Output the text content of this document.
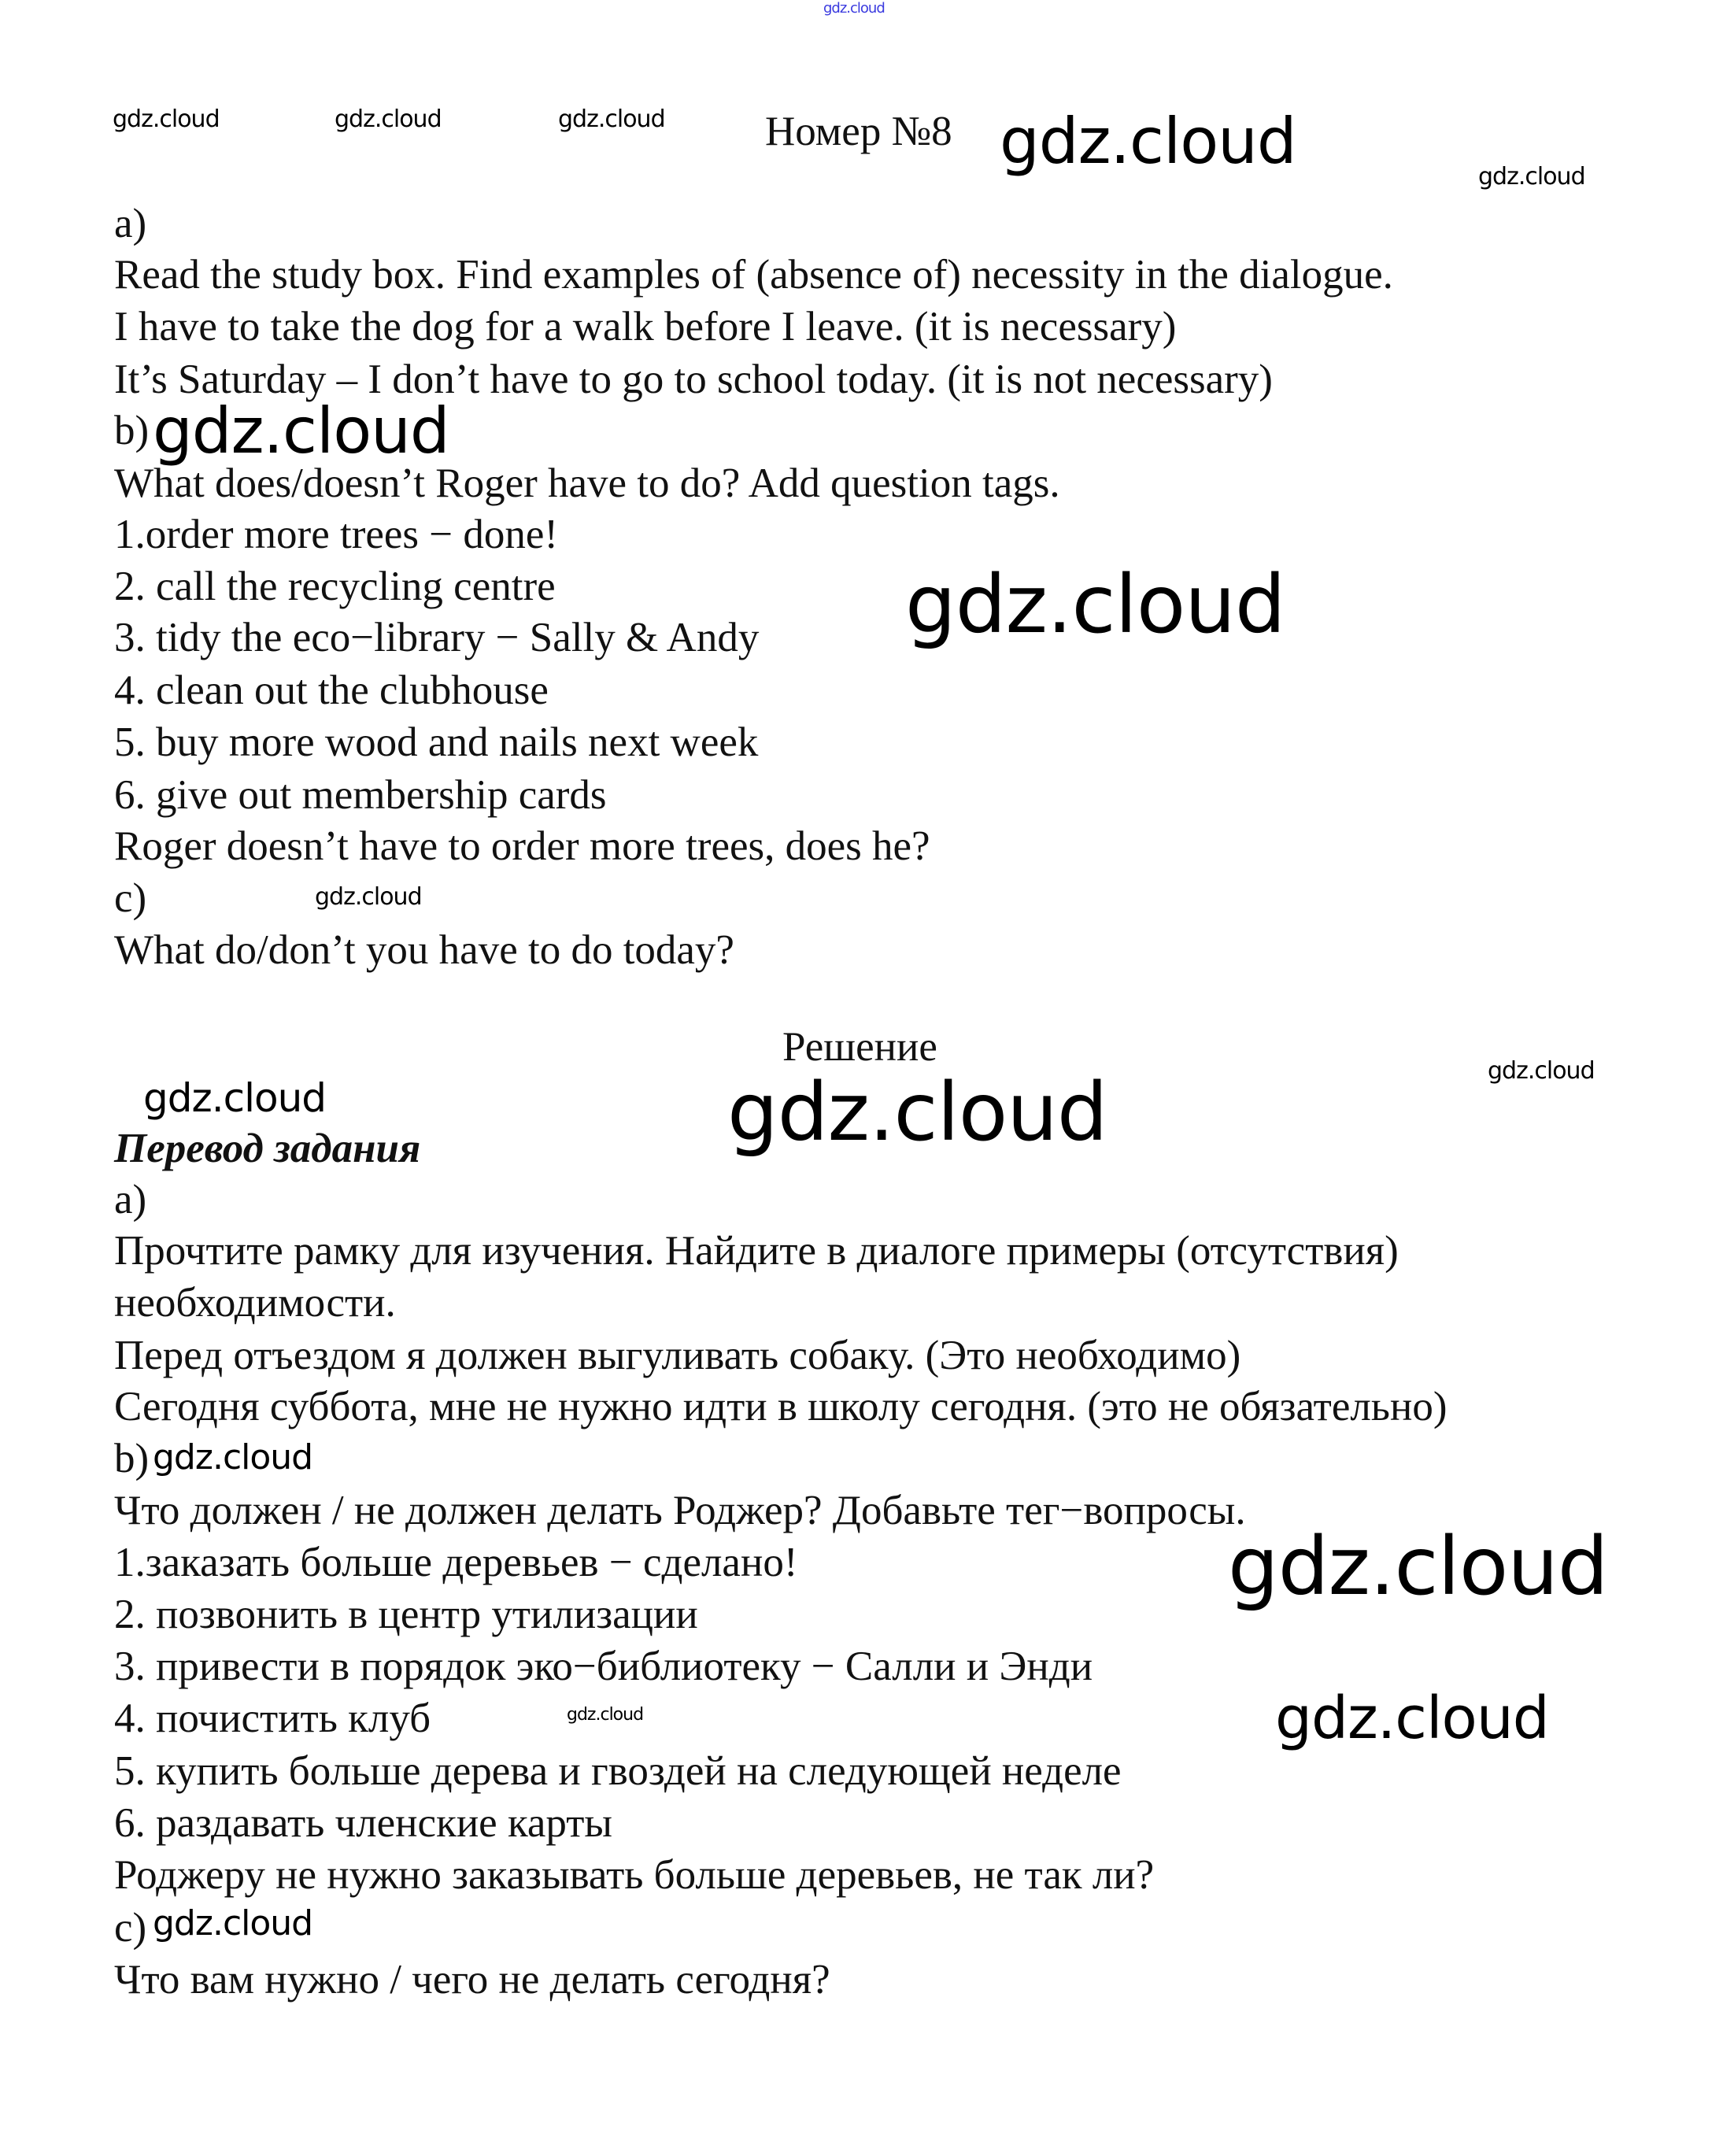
gdz.cloud
Номер №8
a)
Read the study box. Find examples of (absence of) necessity in the dialogue.
I have to take the dog for a walk before I leave. (it is necessary)
It’s Saturday – I don’t have to go to school today. (it is not necessary)
b)
What does/doesn’t Roger have to do? Add question tags.
1.order more trees − done!
2. call the recycling centre
3. tidy the eco−library − Sally & Andy
4. clean out the clubhouse
5. buy more wood and nails next week
6. give out membership cards
Roger doesn’t have to order more trees, does he?
c)
What do/don’t you have to do today?
Решение
Перевод задания
a)
Прочтите рамку для изучения. Найдите в диалоге примеры (отсутствия)
необходимости.
Перед отъездом я должен выгуливать собаку. (Это необходимо)
Сегодня суббота, мне не нужно идти в школу сегодня. (это не обязательно)
b)
Что должен / не должен делать Роджер? Добавьте тег−вопросы.
1.заказать больше деревьев − сделано!
2. позвонить в центр утилизации
3. привести в порядок эко−библиотеку − Салли и Энди
4. почистить клуб
5. купить больше дерева и гвоздей на следующей неделе
6. раздавать членские карты
Роджеру не нужно заказывать больше деревьев, не так ли?
c)
Что вам нужно / чего не делать сегодня?
gdz.cloud	gdz.cloud	gdz.cloud
gdz.cloud
gdz.cloud
gdz.cloud
gdz.cloud
gdz.cloud
gdz.cloud
gdz.cloud
gdz.cloud
gdz.cloud
gdz.cloud
gdz.cloud
gdz.cloud
gdz.cloud
